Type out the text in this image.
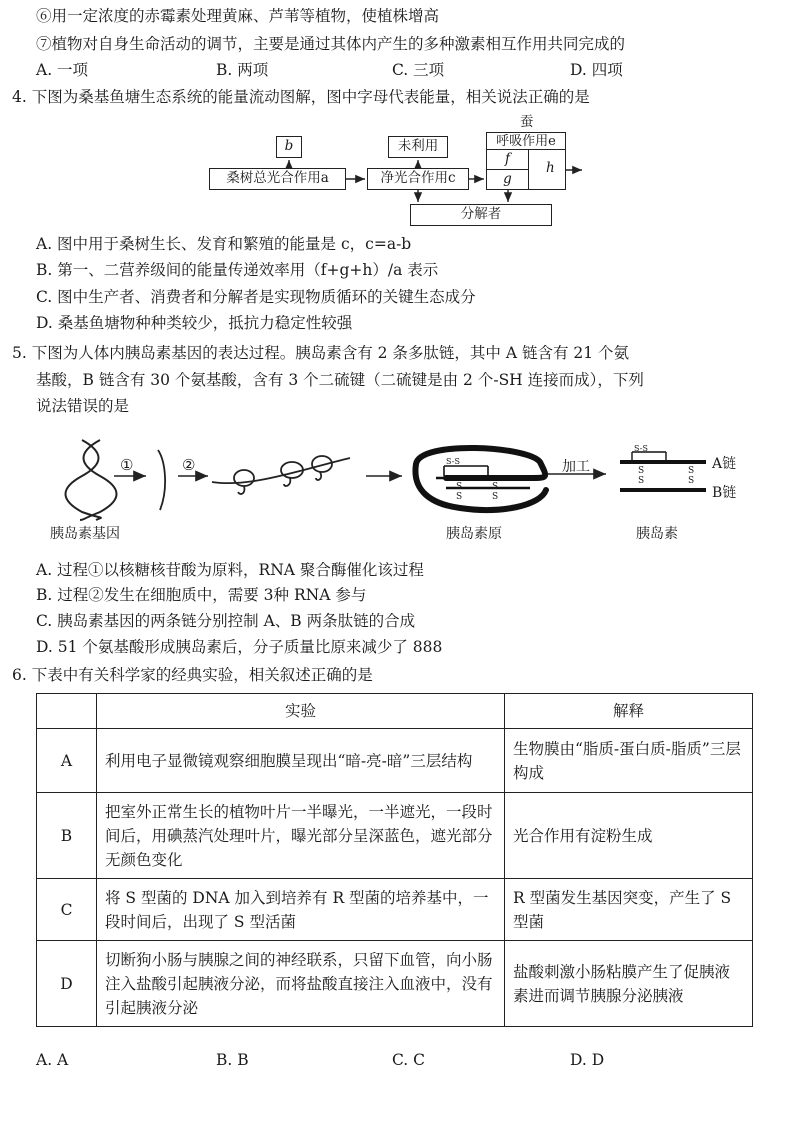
⑥用一定浓度的赤霉素处理黄麻、芦苇等植物，使植株增高
⑦植物对自身生命活动的调节，主要是通过其体内产生的多种激素相互作用共同完成的
A. 一项	B. 两项	C. 三项	D. 四项
4. 下图为桑基鱼塘生态系统的能量流动图解，图中字母代表能量，相关说法正确的是
蚕
b
桑树总光合作用a
未利用
净光合作用c
呼吸作用e
f
g
h
分解者
A. 图中用于桑树生长、发育和繁殖的能量是 c，c=a-b
B. 第一、二营养级间的能量传递效率用（f+g+h）/a 表示
C. 图中生产者、消费者和分解者是实现物质循环的关键生态成分
D. 桑基鱼塘物种种类较少，抵抗力稳定性较强
5. 下图为人体内胰岛素基因的表达过程。胰岛素含有 2 条多肽链，其中 A 链含有 21 个氨
基酸，B 链含有 30 个氨基酸，含有 3 个二硫键（二硫键是由 2 个-SH 连接而成），下列
说法错误的是
①	②
胰岛素基因
S-S
S
S
S
S
胰岛素原
加工
S-S
S
S
S
S
A链
B链
胰岛素
A. 过程①以核糖核苷酸为原料，RNA 聚合酶催化该过程
B. 过程②发生在细胞质中，需要 3种 RNA 参与
C. 胰岛素基因的两条链分别控制 A、B 两条肽链的合成
D. 51 个氨基酸形成胰岛素后，分子质量比原来减少了 888
6. 下表中有关科学家的经典实验，相关叙述正确的是
	实验	解释
A	利用电子显微镜观察细胞膜呈现出“暗-亮-暗”三层结构	生物膜由“脂质-蛋白质-脂质”三层构成
B	把室外正常生长的植物叶片一半曝光，一半遮光，一段时间后，用碘蒸汽处理叶片，曝光部分呈深蓝色，遮光部分无颜色变化	光合作用有淀粉生成
C	将 S 型菌的 DNA 加入到培养有 R 型菌的培养基中，一段时间后，出现了 S 型活菌	R 型菌发生基因突变，产生了 S 型菌
D	切断狗小肠与胰腺之间的神经联系，只留下血管，向小肠注入盐酸引起胰液分泌，而将盐酸直接注入血液中，没有引起胰液分泌	盐酸刺激小肠粘膜产生了促胰液素进而调节胰腺分泌胰液
A. A	B. B	C. C	D. D
